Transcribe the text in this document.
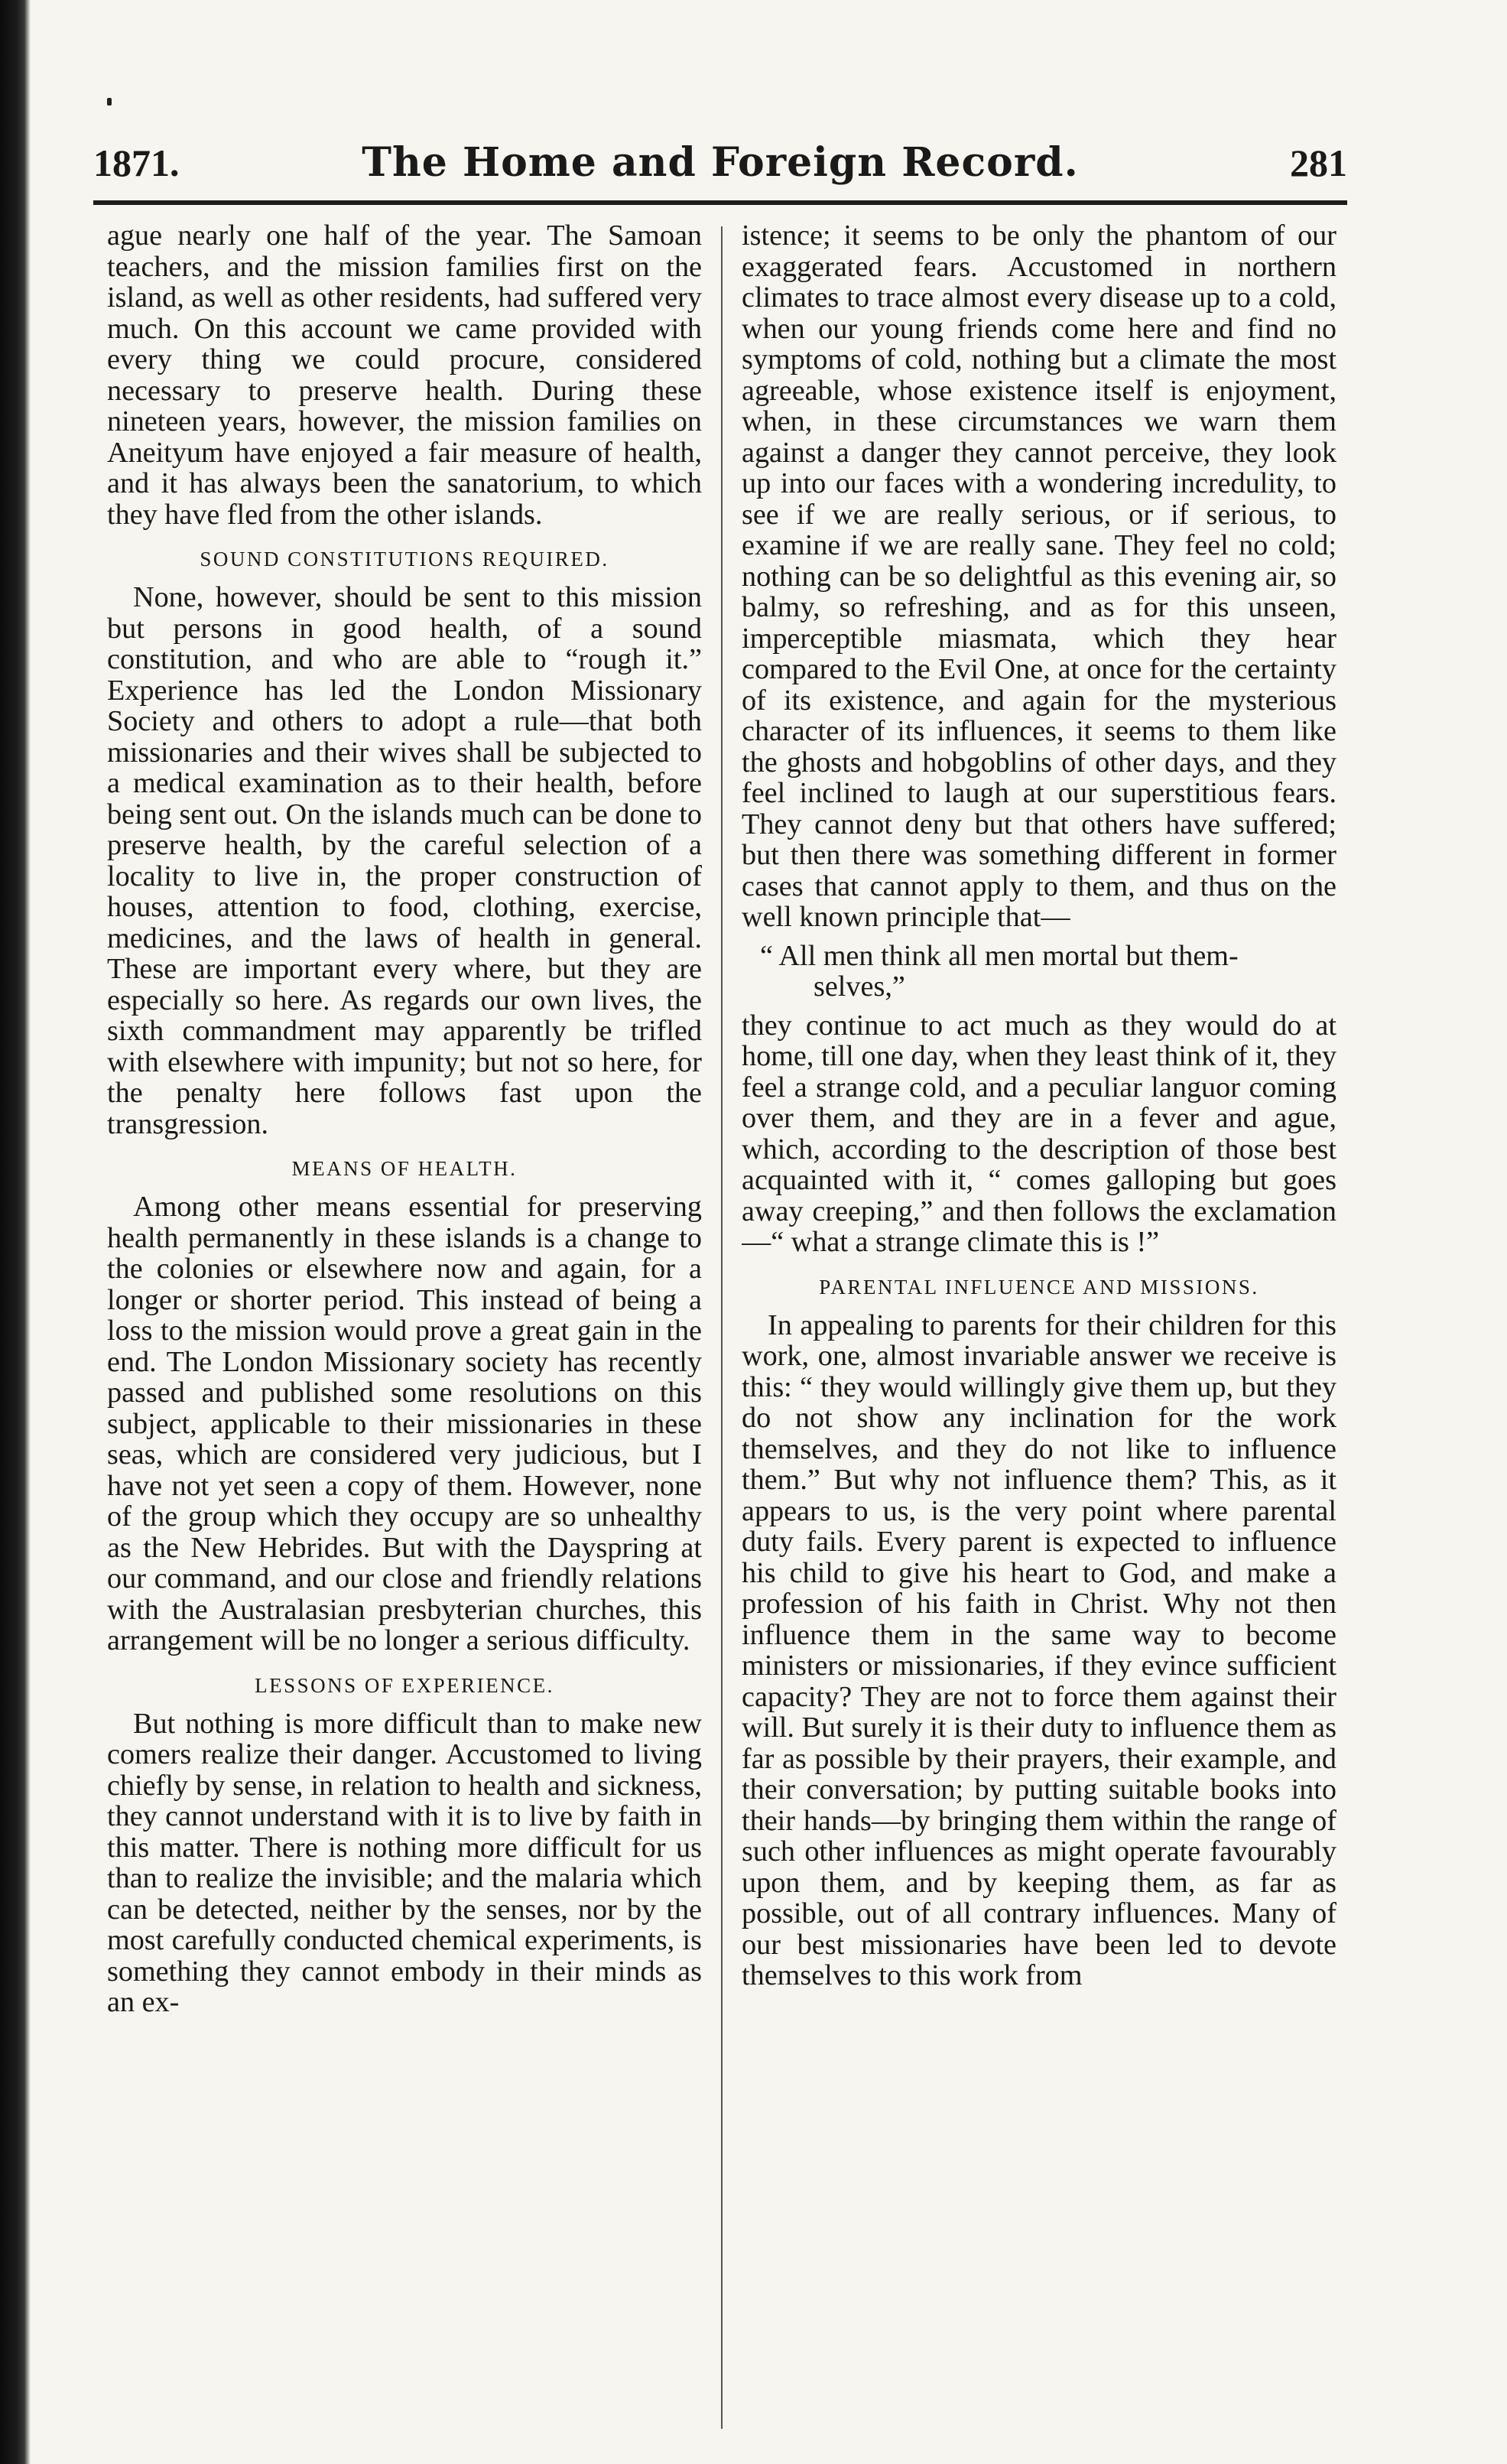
1871.	The Home and Foreign Record.	281

ague nearly one half of the year. The Samoan teachers, and the mission families first on the island, as well as other residents, had suffered very much. On this account we came provided with every thing we could procure, considered necessary to preserve health. During these nineteen years, however, the mission families on Aneityum have enjoyed a fair measure of health, and it has always been the sanatorium, to which they have fled from the other islands.

SOUND CONSTITUTIONS REQUIRED.

None, however, should be sent to this mission but persons in good health, of a sound constitution, and who are able to “rough it.” Experience has led the London Missionary Society and others to adopt a rule—that both missionaries and their wives shall be subjected to a medical examination as to their health, before being sent out. On the islands much can be done to preserve health, by the careful selection of a locality to live in, the proper construction of houses, attention to food, clothing, exercise, medicines, and the laws of health in general. These are important every where, but they are especially so here. As regards our own lives, the sixth commandment may apparently be trifled with elsewhere with impunity; but not so here, for the penalty here follows fast upon the transgression.

MEANS OF HEALTH.

Among other means essential for preserving health permanently in these islands is a change to the colonies or elsewhere now and again, for a longer or shorter period. This instead of being a loss to the mission would prove a great gain in the end. The London Missionary society has recently passed and published some resolutions on this subject, applicable to their missionaries in these seas, which are considered very judicious, but I have not yet seen a copy of them. However, none of the group which they occupy are so unhealthy as the New Hebrides. But with the Dayspring at our command, and our close and friendly relations with the Australasian presbyterian churches, this arrangement will be no longer a serious difficulty.

LESSONS OF EXPERIENCE.

But nothing is more difficult than to make new comers realize their danger. Accustomed to living chiefly by sense, in relation to health and sickness, they cannot understand with it is to live by faith in this matter. There is nothing more difficult for us than to realize the invisible; and the malaria which can be detected, neither by the senses, nor by the most carefully conducted chemical experiments, is something they cannot embody in their minds as an ex-

istence; it seems to be only the phantom of our exaggerated fears. Accustomed in northern climates to trace almost every disease up to a cold, when our young friends come here and find no symptoms of cold, nothing but a climate the most agreeable, whose existence itself is enjoyment, when, in these circumstances we warn them against a danger they cannot perceive, they look up into our faces with a wondering incredulity, to see if we are really serious, or if serious, to examine if we are really sane. They feel no cold; nothing can be so delightful as this evening air, so balmy, so refreshing, and as for this unseen, imperceptible miasmata, which they hear compared to the Evil One, at once for the certainty of its existence, and again for the mysterious character of its influences, it seems to them like the ghosts and hobgoblins of other days, and they feel inclined to laugh at our superstitious fears. They cannot deny but that others have suffered; but then there was something different in former cases that cannot apply to them, and thus on the well known principle that—

“ All men think all men mortal but them-
selves,”

they continue to act much as they would do at home, till one day, when they least think of it, they feel a strange cold, and a peculiar languor coming over them, and they are in a fever and ague, which, according to the description of those best acquainted with it, “ comes galloping but goes away creeping,” and then follows the exclamation—“ what a strange climate this is !”

PARENTAL INFLUENCE AND MISSIONS.

In appealing to parents for their children for this work, one, almost invariable answer we receive is this: “ they would willingly give them up, but they do not show any inclination for the work themselves, and they do not like to influence them.” But why not influence them? This, as it appears to us, is the very point where parental duty fails. Every parent is expected to influence his child to give his heart to God, and make a profession of his faith in Christ. Why not then influence them in the same way to become ministers or missionaries, if they evince sufficient capacity? They are not to force them against their will. But surely it is their duty to influence them as far as possible by their prayers, their example, and their conversation; by putting suitable books into their hands—by bringing them within the range of such other influences as might operate favourably upon them, and by keeping them, as far as possible, out of all contrary influences. Many of our best missionaries have been led to devote themselves to this work from
